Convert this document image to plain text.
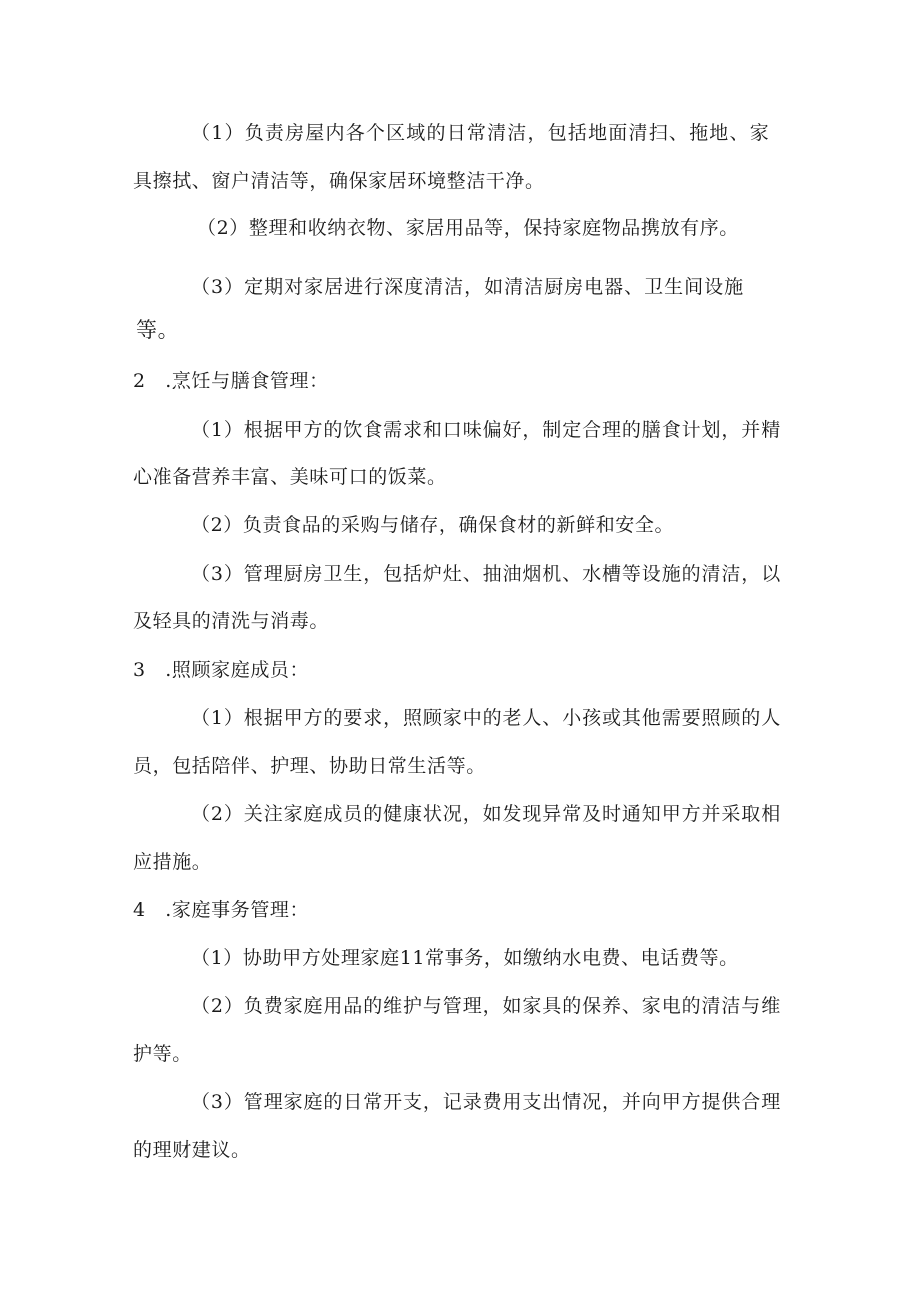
（1）负责房屋内各个区域的日常清洁，包括地面清扫、拖地、家
具擦拭、窗户清洁等，确保家居环境整洁干净。
（2）整理和收纳衣物、家居用品等，保持家庭物品携放有序。
（3）定期对家居进行深度清洁，如清洁厨房电器、卫生间设施
等。
2　.烹饪与膳食管理：
（1）根据甲方的饮食需求和口味偏好，制定合理的膳食计划，并精
心准备营养丰富、美味可口的饭菜。
（2）负责食品的采购与储存，确保食材的新鲜和安全。
（3）管理厨房卫生，包括炉灶、抽油烟机、水槽等设施的清洁，以
及轻具的清洗与消毒。
3　.照顾家庭成员：
（1）根据甲方的要求，照顾家中的老人、小孩或其他需要照顾的人
员，包括陪伴、护理、协助日常生活等。
（2）关注家庭成员的健康状况，如发现异常及时通知甲方并采取相
应措施。
4　.家庭事务管理：
（1）协助甲方处理家庭11常事务，如缴纳水电费、电话费等。
（2）负费家庭用品的维护与管理，如家具的保养、家电的清洁与维
护等。
（3）管理家庭的日常开支，记录费用支出情况，并向甲方提供合理
的理财建议。
